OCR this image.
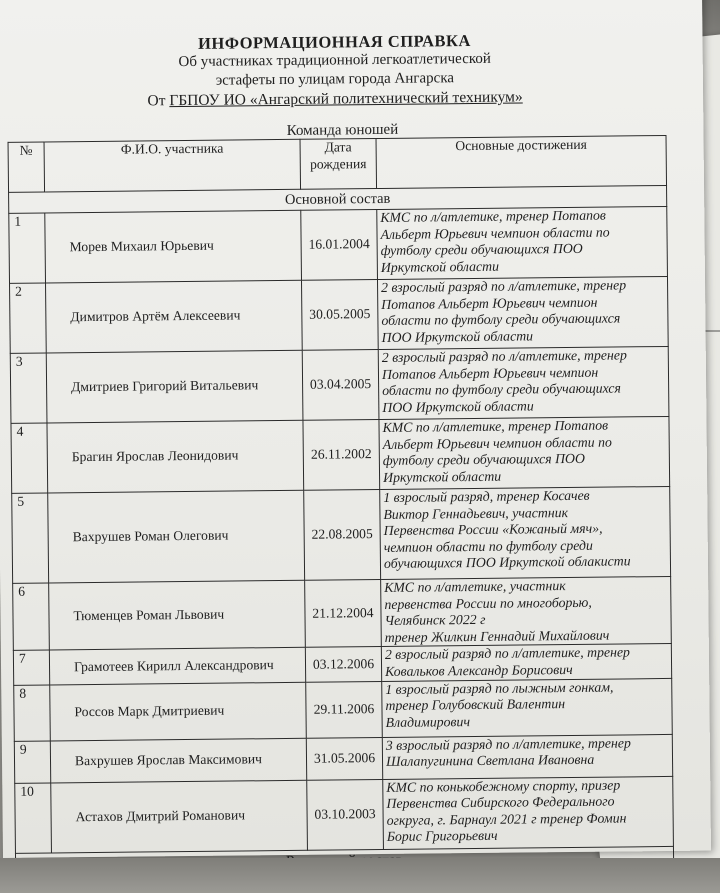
ИНФОРМАЦИОННАЯ СПРАВКА
Об участниках традиционной легкоатлетической
эстафеты по улицам города Ангарска
От ГБПОУ ИО «Ангарский политехнический техникум»
Команда юношей
№	Ф.И.О. участника	Дата рождения	Основные достижения
Основной состав			
1	Морев Михаил Юрьевич	16.01.2004	КМС по л/атлетике, тренер Потапов
Альберт Юрьевич чемпион области по
футболу среди обучающихся ПОО
Иркутской области

2	Димитров Артём Алексеевич	30.05.2005	2 взрослый разряд по л/атлетике, тренер
Потапов Альберт Юрьевич чемпион
области по футболу среди обучающихся
ПОО Иркутской области

3	Дмитриев Григорий Витальевич	03.04.2005	2 взрослый разряд по л/атлетике, тренер
Потапов Альберт Юрьевич чемпион
области по футболу среди обучающихся
ПОО Иркутской области

4	Брагин Ярослав Леонидович	26.11.2002	КМС по л/атлетике, тренер Потапов
Альберт Юрьевич чемпион области по
футболу среди обучающихся ПОО
Иркутской области

5	Вахрушев Роман Олегович	22.08.2005	1 взрослый разряд, тренер Косачев
Виктор Геннадьевич, участник
Первенства России «Кожаный мяч»,
чемпион области по футболу среди
обучающихся ПОО Иркутской облакисти

6	Тюменцев Роман Львович	21.12.2004	КМС по л/атлетике, участник
первенства России по многоборью,
Челябинск 2022 г
тренер Жилкин Геннадий Михайлович

7	Грамотеев Кирилл Александрович	03.12.2006	2 взрослый разряд по л/атлетике, тренер
Ковальков Александр Борисович

8	Россов Марк Дмитриевич	29.11.2006	1 взрослый разряд по лыжным гонкам,
тренер Голубовский Валентин
Владимирович

9	Вахрушев Ярослав Максимович	31.05.2006	3 взрослый разряд по л/атлетике, тренер
Шалапугинина Светлана Ивановна

10	Астахов Дмитрий Романович	03.10.2003	КМС по конькобежному спорту, призер
Первенства Сибирского Федерального
огкруга, г. Барнаул 2021 г тренер Фомин
Борис Григорьевич
